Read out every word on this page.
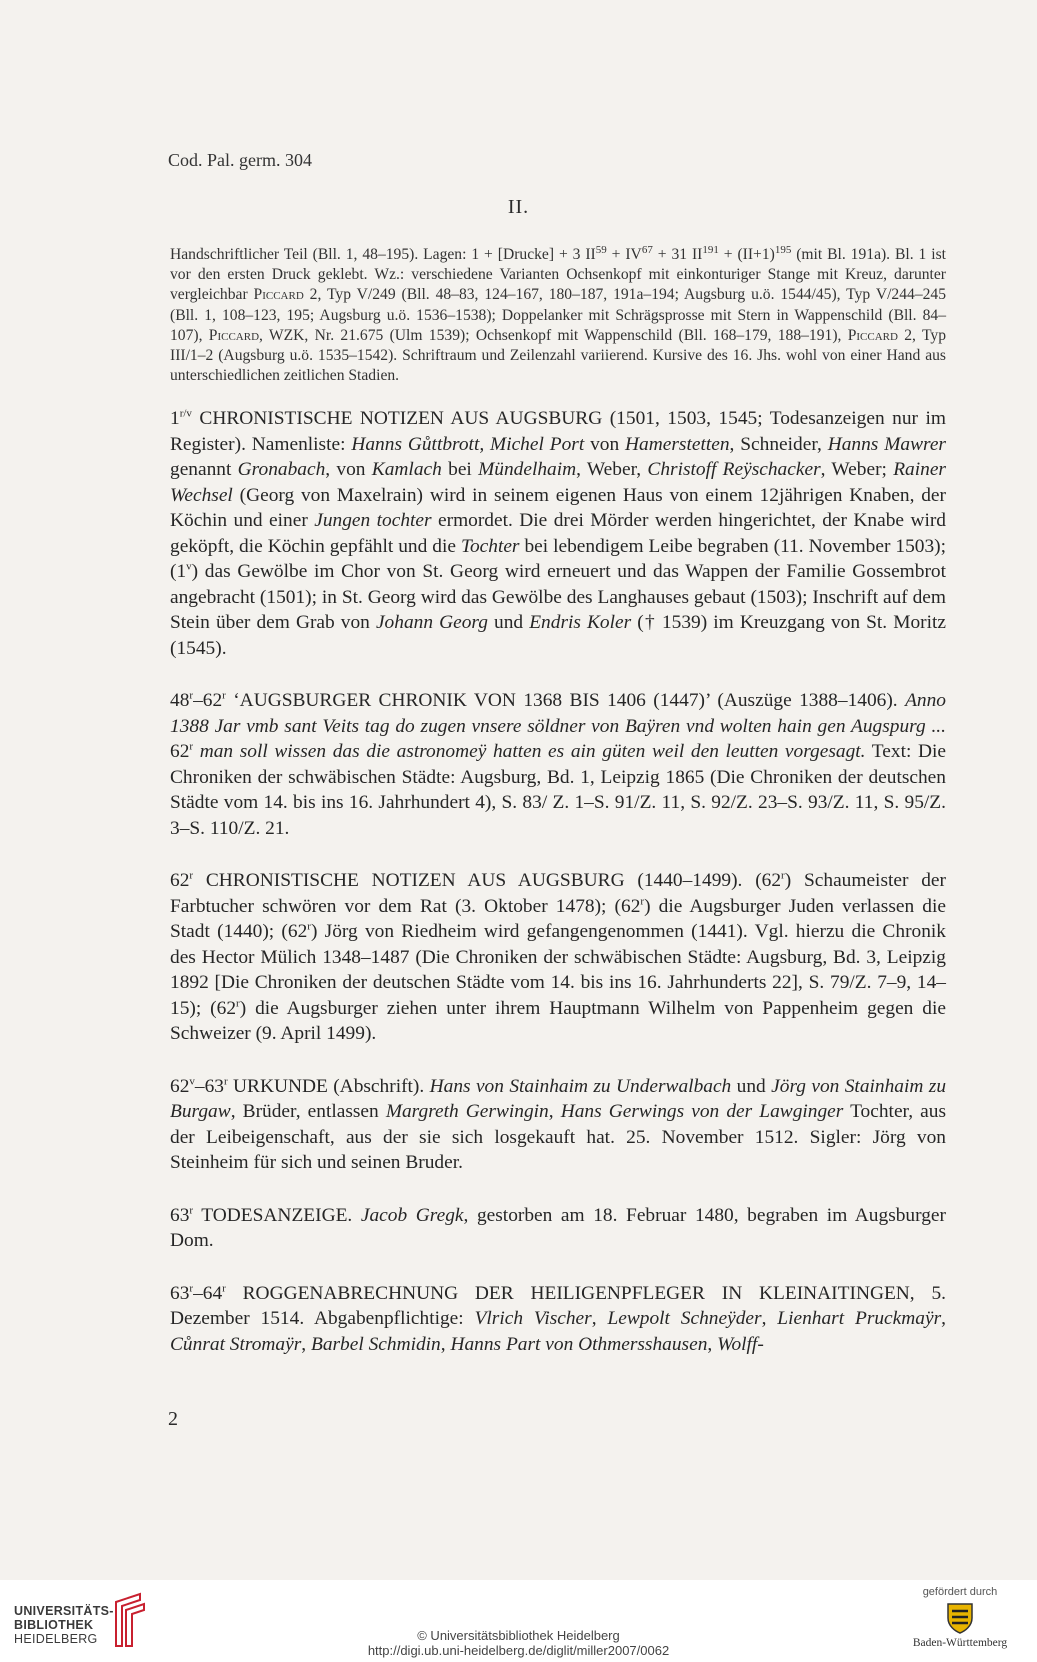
Cod. Pal. germ. 304
II.
Handschriftlicher Teil (Bll. 1, 48–195). Lagen: 1 + [Drucke] + 3 $II^{59} + IV^{67} + 31$ $II^{191} + (II+1)^{195}$ (mit Bl. 191a). Bl. 1 ist vor den ersten Druck geklebt. Wz.: verschiedene Varianten Ochsenkopf mit einkonturiger Stange mit Kreuz, darunter vergleichbar Piccard 2, Typ V/249 (Bll. 48–83, 124–167, 180–187, 191a–194; Augsburg u.ö. 1544/45), Typ V/244–245 (Bll. 1, 108–123, 195; Augsburg u.ö. 1536–1538); Doppelanker mit Schrägsprosse mit Stern in Wappenschild (Bll. 84–107), Piccard, WZK, Nr. 21.675 (Ulm 1539); Ochsenkopf mit Wappenschild (Bll. 168–179, 188–191), Piccard 2, Typ III/1–2 (Augsburg u.ö. 1535–1542). Schriftraum und Zeilenzahl variierend. Kursive des 16. Jhs. wohl von einer Hand aus unterschiedlichen zeitlichen Stadien.

$1^{r/v}$ CHRONISTISCHE NOTIZEN AUS AUGSBURG (1501, 1503, 1545; Todesanzeigen nur im Register). Namenliste: Hanns Gůttbrott, Michel Port von Hamerstetten, Schneider, Hanns Mawrer genannt Gronabach, von Kamlach bei Mündelhaim, Weber, Christoff Reÿschacker, Weber; Rainer Wechsel (Georg von Maxelrain) wird in seinem eigenen Haus von einem 12jährigen Knaben, der Köchin und einer Jungen tochter ermordet. Die drei Mörder werden hingerichtet, der Knabe wird geköpft, die Köchin gepfählt und die Tochter bei lebendigem Leibe begraben (11. November 1503); (1$^v$) das Gewölbe im Chor von St. Georg wird erneuert und das Wappen der Familie Gossembrot angebracht (1501); in St. Georg wird das Gewölbe des Langhauses gebaut (1503); Inschrift auf dem Stein über dem Grab von Johann Georg und Endris Koler († 1539) im Kreuzgang von St. Moritz (1545).

48$^r$–62$^r$ ‘AUGSBURGER CHRONIK VON 1368 BIS 1406 (1447)’ (Auszüge 1388–1406). Anno 1388 Jar vmb sant Veits tag do zugen vnsere söldner von Baÿren vnd wolten hain gen Augspurg ... 62$^r$ man soll wissen das die astronomeÿ hatten es ain güten weil den leutten vorgesagt. Text: Die Chroniken der schwäbischen Städte: Augsburg, Bd. 1, Leipzig 1865 (Die Chroniken der deutschen Städte vom 14. bis ins 16. Jahrhundert 4), S. 83/ Z. 1–S. 91/Z. 11, S. 92/Z. 23–S. 93/Z. 11, S. 95/Z. 3–S. 110/Z. 21.

62$^r$ CHRONISTISCHE NOTIZEN AUS AUGSBURG (1440–1499). (62$^r$) Schaumeister der Farbtucher schwören vor dem Rat (3. Oktober 1478); (62$^r$) die Augsburger Juden verlassen die Stadt (1440); (62$^r$) Jörg von Riedheim wird gefangengenommen (1441). Vgl. hierzu die Chronik des Hector Mülich 1348–1487 (Die Chroniken der schwäbischen Städte: Augsburg, Bd. 3, Leipzig 1892 [Die Chroniken der deutschen Städte vom 14. bis ins 16. Jahrhunderts 22], S. 79/Z. 7–9, 14–15); (62$^r$) die Augsburger ziehen unter ihrem Hauptmann Wilhelm von Pappenheim gegen die Schweizer (9. April 1499).

62$^v$–63$^r$ URKUNDE (Abschrift). Hans von Stainhaim zu Underwalbach und Jörg von Stainhaim zu Burgaw, Brüder, entlassen Margreth Gerwingin, Hans Gerwings von der Lawginger Tochter, aus der Leibeigenschaft, aus der sie sich losgekauft hat. 25. November 1512. Sigler: Jörg von Steinheim für sich und seinen Bruder.

63$^r$ TODESANZEIGE. Jacob Gregk, gestorben am 18. Februar 1480, begraben im Augsburger Dom.

63$^r$–64$^r$ ROGGENABRECHNUNG DER HEILIGENPFLEGER IN KLEINAITINGEN, 5. Dezember 1514. Abgabenpflichtige: Vlrich Vischer, Lewpolt Schneÿder, Lienhart Pruckmaÿr, Cůnrat Stromaÿr, Barbel Schmidin, Hanns Part von Othmersshausen, Wolff-

2
UNIVERSITÄTS-
BIBLIOTHEK
HEIDELBERG	© Universitätsbibliothek Heidelberg
http://digi.ub.uni-heidelberg.de/diglit/miller2007/0062
gefördert durch
Baden-Württemberg
